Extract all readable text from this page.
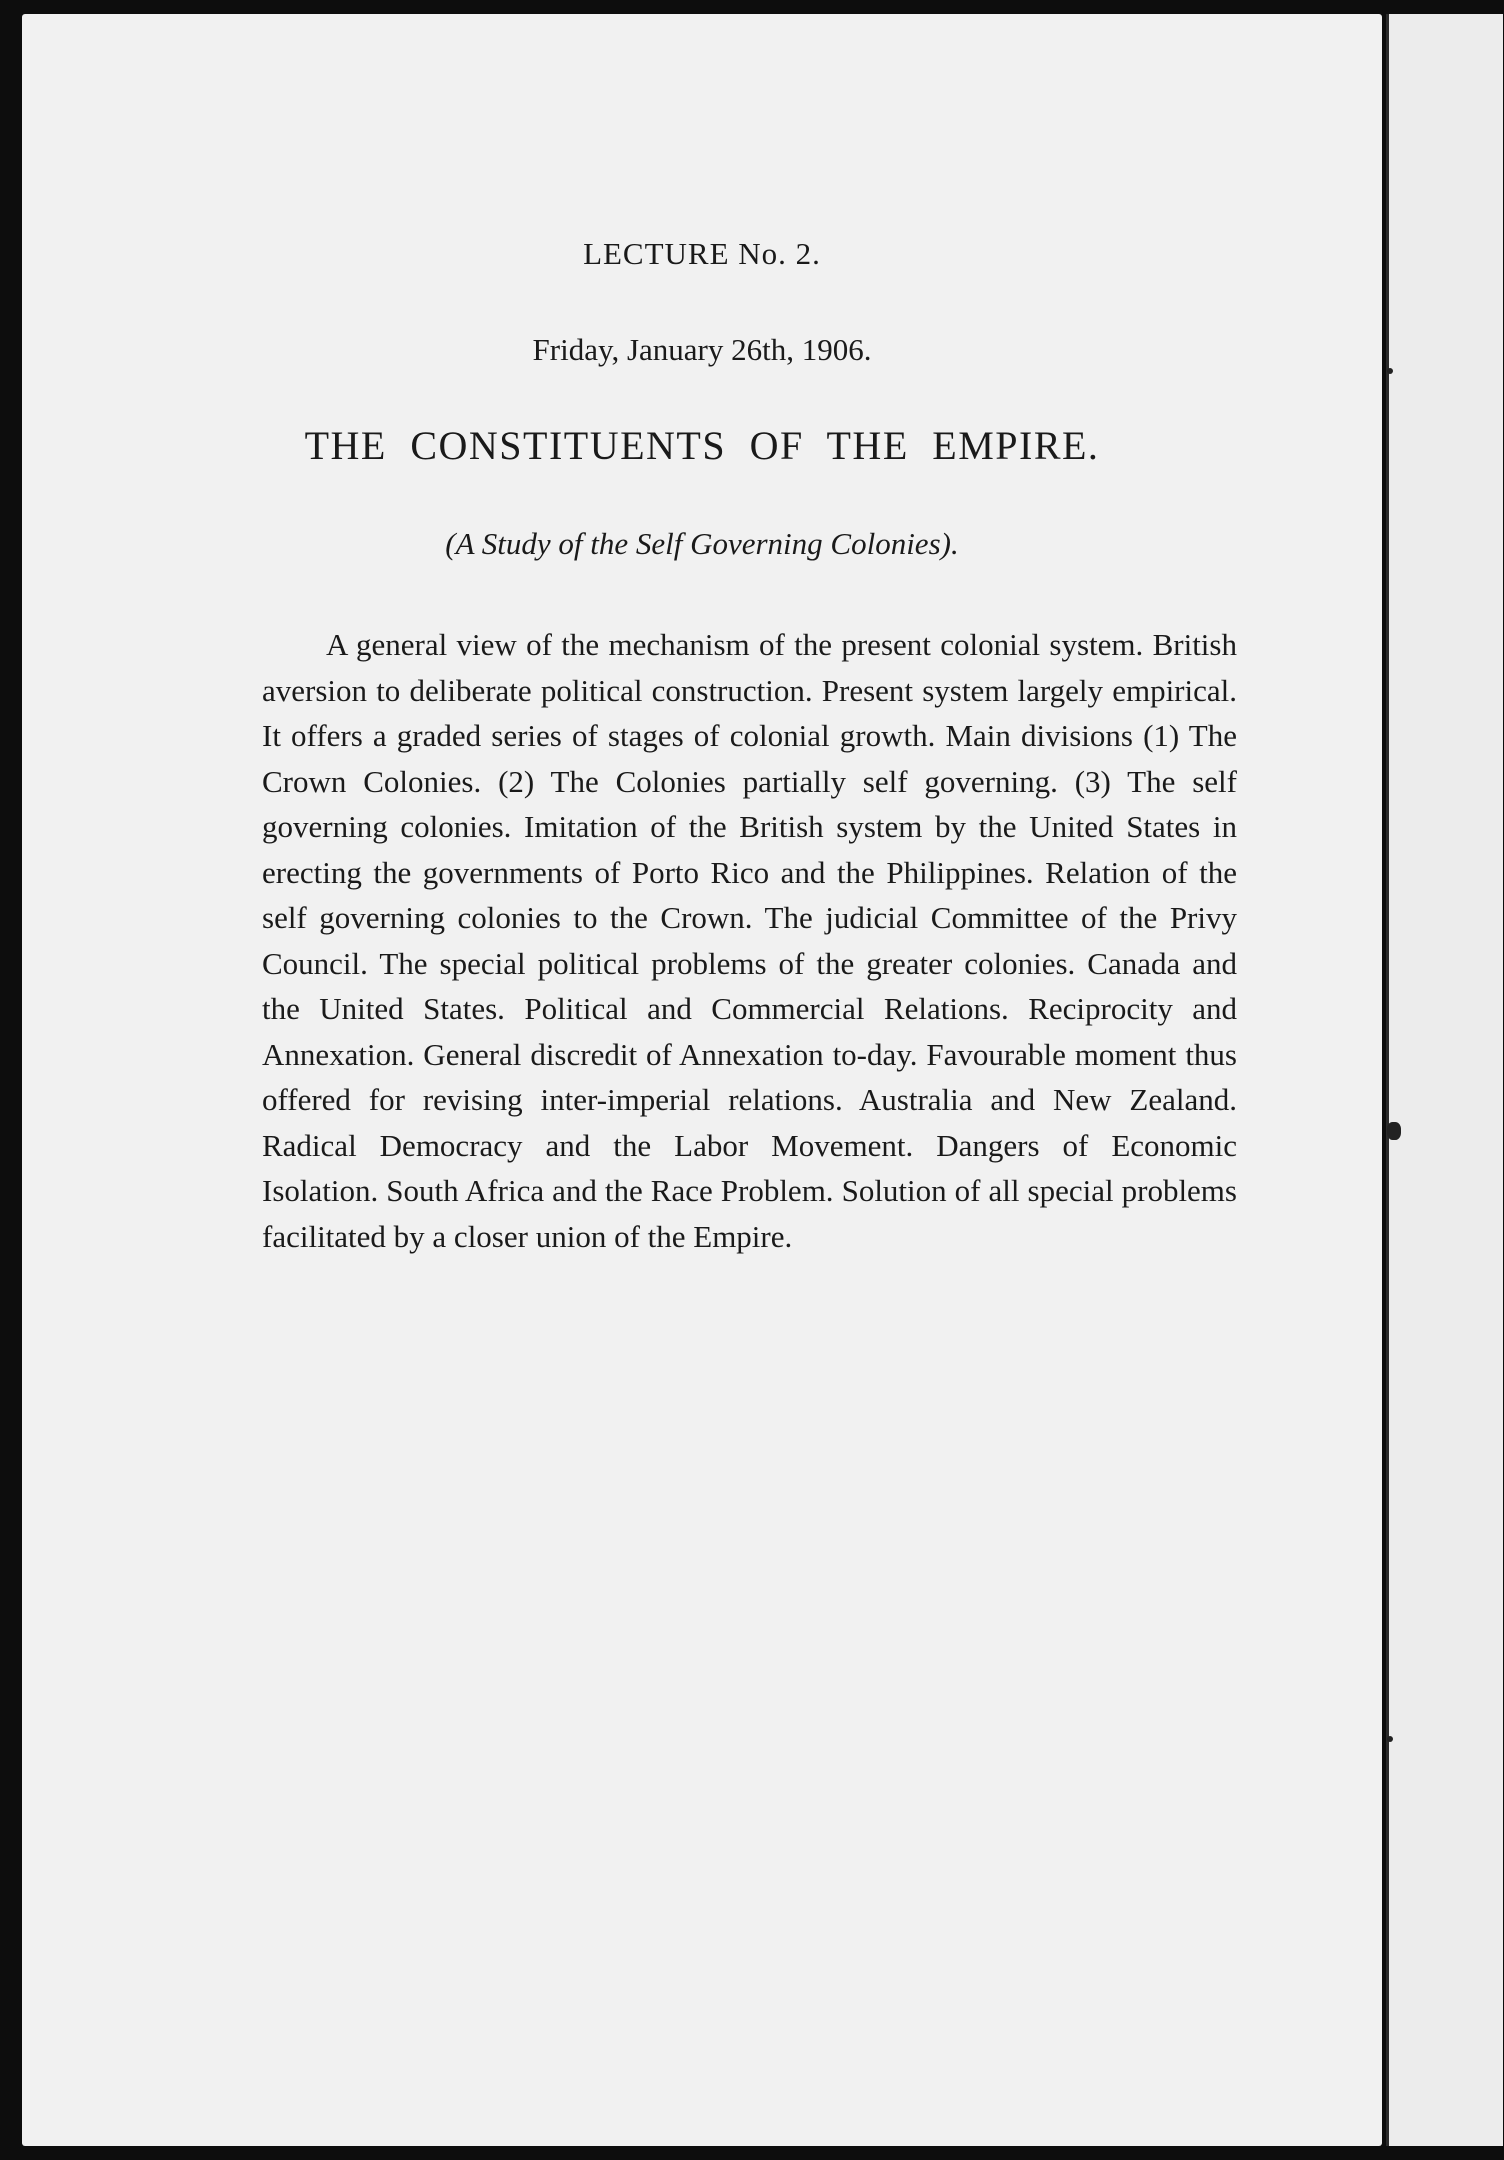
LECTURE No. 2.
Friday, January 26th, 1906.
THE CONSTITUENTS OF THE EMPIRE.
(A Study of the Self Governing Colonies).

A general view of the mechanism of the present colonial system. British aversion to deliberate political construction. Present system largely empirical. It offers a graded series of stages of colonial growth. Main divisions (1) The Crown Colonies. (2) The Colonies partially self governing. (3) The self governing colonies. Imitation of the British system by the United States in erecting the governments of Porto Rico and the Philippines. Relation of the self governing colonies to the Crown. The judicial Committee of the Privy Council. The special political problems of the greater colonies. Canada and the United States. Political and Commercial Relations. Reciprocity and Annexation. General discredit of Annexation to-day. Favourable moment thus offered for revising inter-imperial relations. Australia and New Zealand. Radical Democracy and the Labor Movement. Dangers of Economic Isolation. South Africa and the Race Problem. Solution of all special problems facilitated by a closer union of the Empire.
